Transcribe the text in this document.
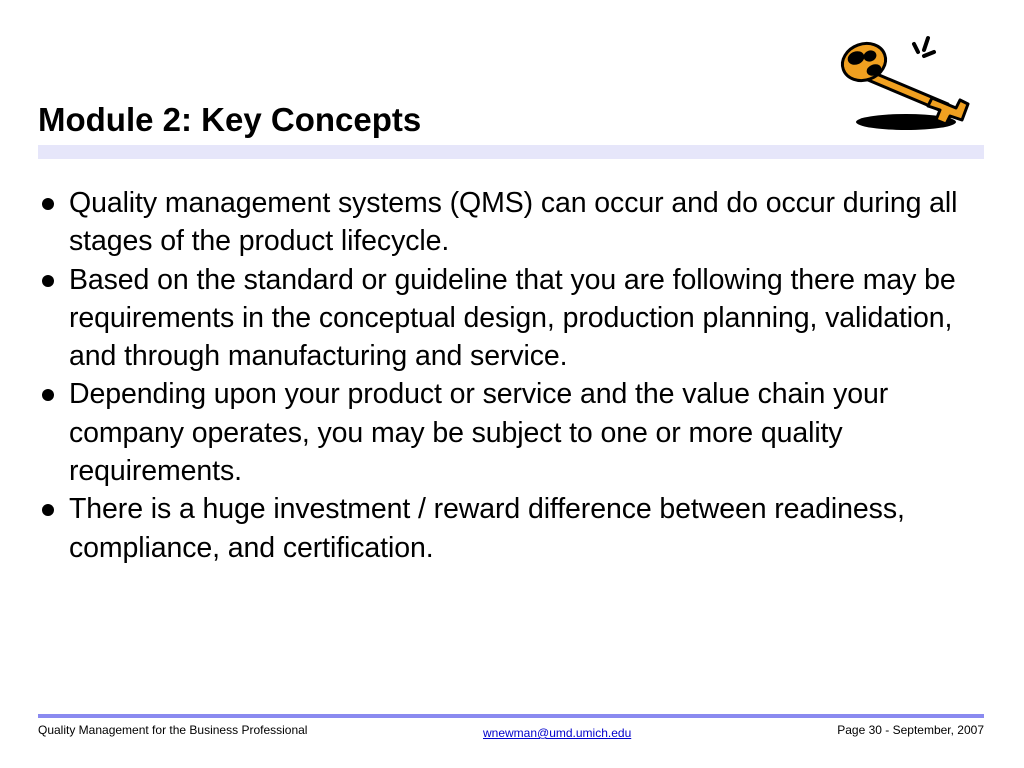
Module 2: Key Concepts
Quality management systems (QMS) can occur and do occur during all stages of the product lifecycle.
Based on the standard or guideline that you are following there may be requirements in the conceptual design, production planning, validation, and through manufacturing and service.
Depending upon your product or service and the value chain your company operates, you may be subject to one or more quality requirements.
There is a huge investment / reward difference between readiness, compliance, and certification.
Quality Management for the Business Professional	wnewman@umd.umich.edu	Page 30 - September, 2007
